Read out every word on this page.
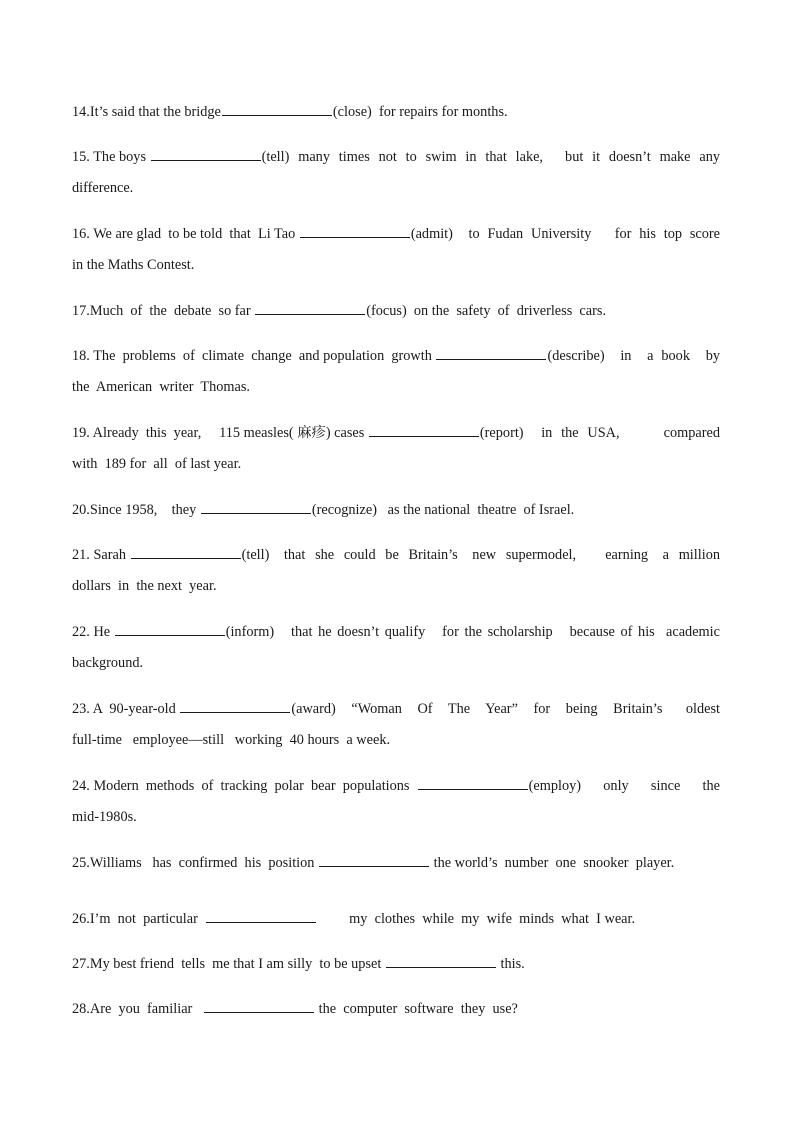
14. It’s said that the bridge	(close)  for repairs for months.
15. The boys	(tell)  many  times  not  to  swim  in  that  lake,     but  it  doesn’t  make  any
difference.
16. We are glad  to be told  that  Li Tao	(admit)  to Fudan University   for his top score
in the Maths Contest.
17. Much  of  the  debate  so far	(focus)  on the  safety  of  driverless  cars.
18. The  problems  of  climate  change  and population  growth	(describe)  in  a book  by
the  American  writer  Thomas.
19. Already  this  year,     115 measles( 麻疹) cases	(report)  in the USA,     compared
with  189 for  all  of last year.
20. Since 1958,    they	(recognize)   as the national  theatre  of Israel.
21. Sarah	(tell)   that  she  could  be  Britain’s   new  supermodel,      earning   a  million
dollars  in  the next  year.
22. He	(inform)   that he doesn’t qualify   for the scholarship   because of his  academic
background.
23. A  90-year-old	(award)  “Woman  Of  The  Year”  for  being  Britain’s   oldest
full-time   employee—still   working  40 hours  a week.
24. Modern  methods  of  tracking  polar  bear  populations	(employ)  only  since  the
mid-1980s.
25. Williams   has  confirmed  his  position	the world’s  number  one  snooker  player.
26. I’m  not  particular	my  clothes  while  my  wife  minds  what  I wear.
27. My best friend  tells  me that I am silly  to be upset	this.
28. Are  you  familiar	the  computer  software  they  use?
